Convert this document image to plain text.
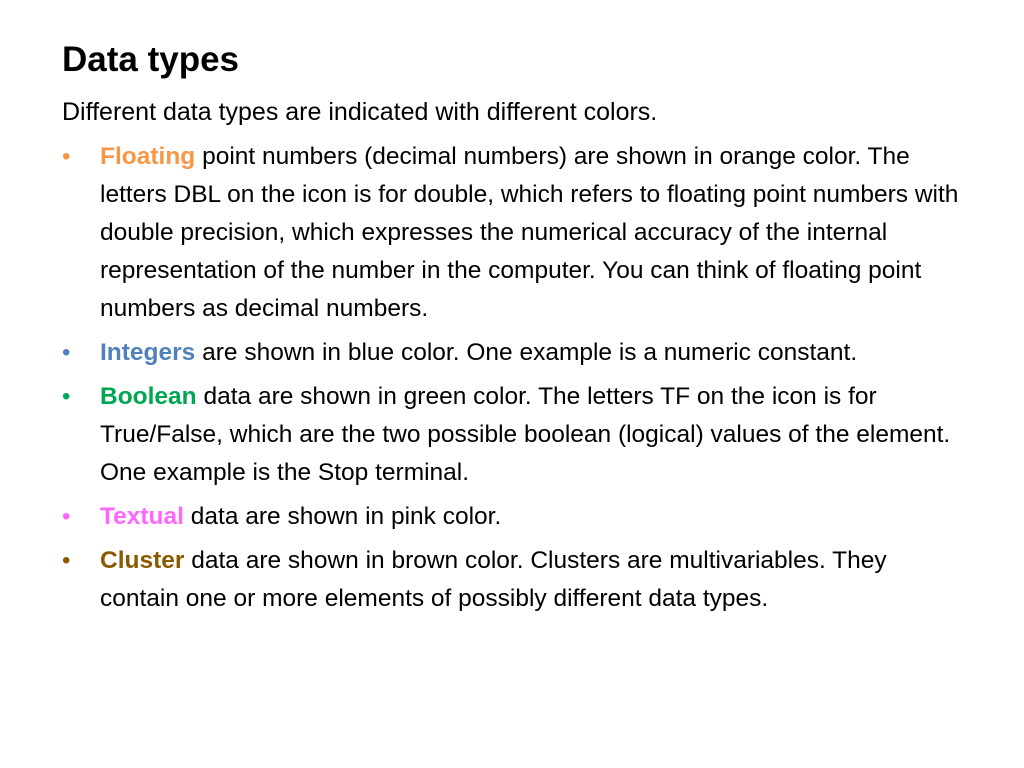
Data types
Different data types are indicated with different colors.
• Floating point numbers (decimal numbers) are shown in orange color. The letters DBL on the icon is for double, which refers to floating point numbers with double precision, which expresses the numerical accuracy of the internal representation of the number in the computer. You can think of floating point numbers as decimal numbers.
• Integers are shown in blue color. One example is a numeric constant.
• Boolean data are shown in green color. The letters TF on the icon is for True/False, which are the two possible boolean (logical) values of the element. One example is the Stop terminal.
• Textual data are shown in pink color.
• Cluster data are shown in brown color. Clusters are multivariables. They contain one or more elements of possibly different data types.
